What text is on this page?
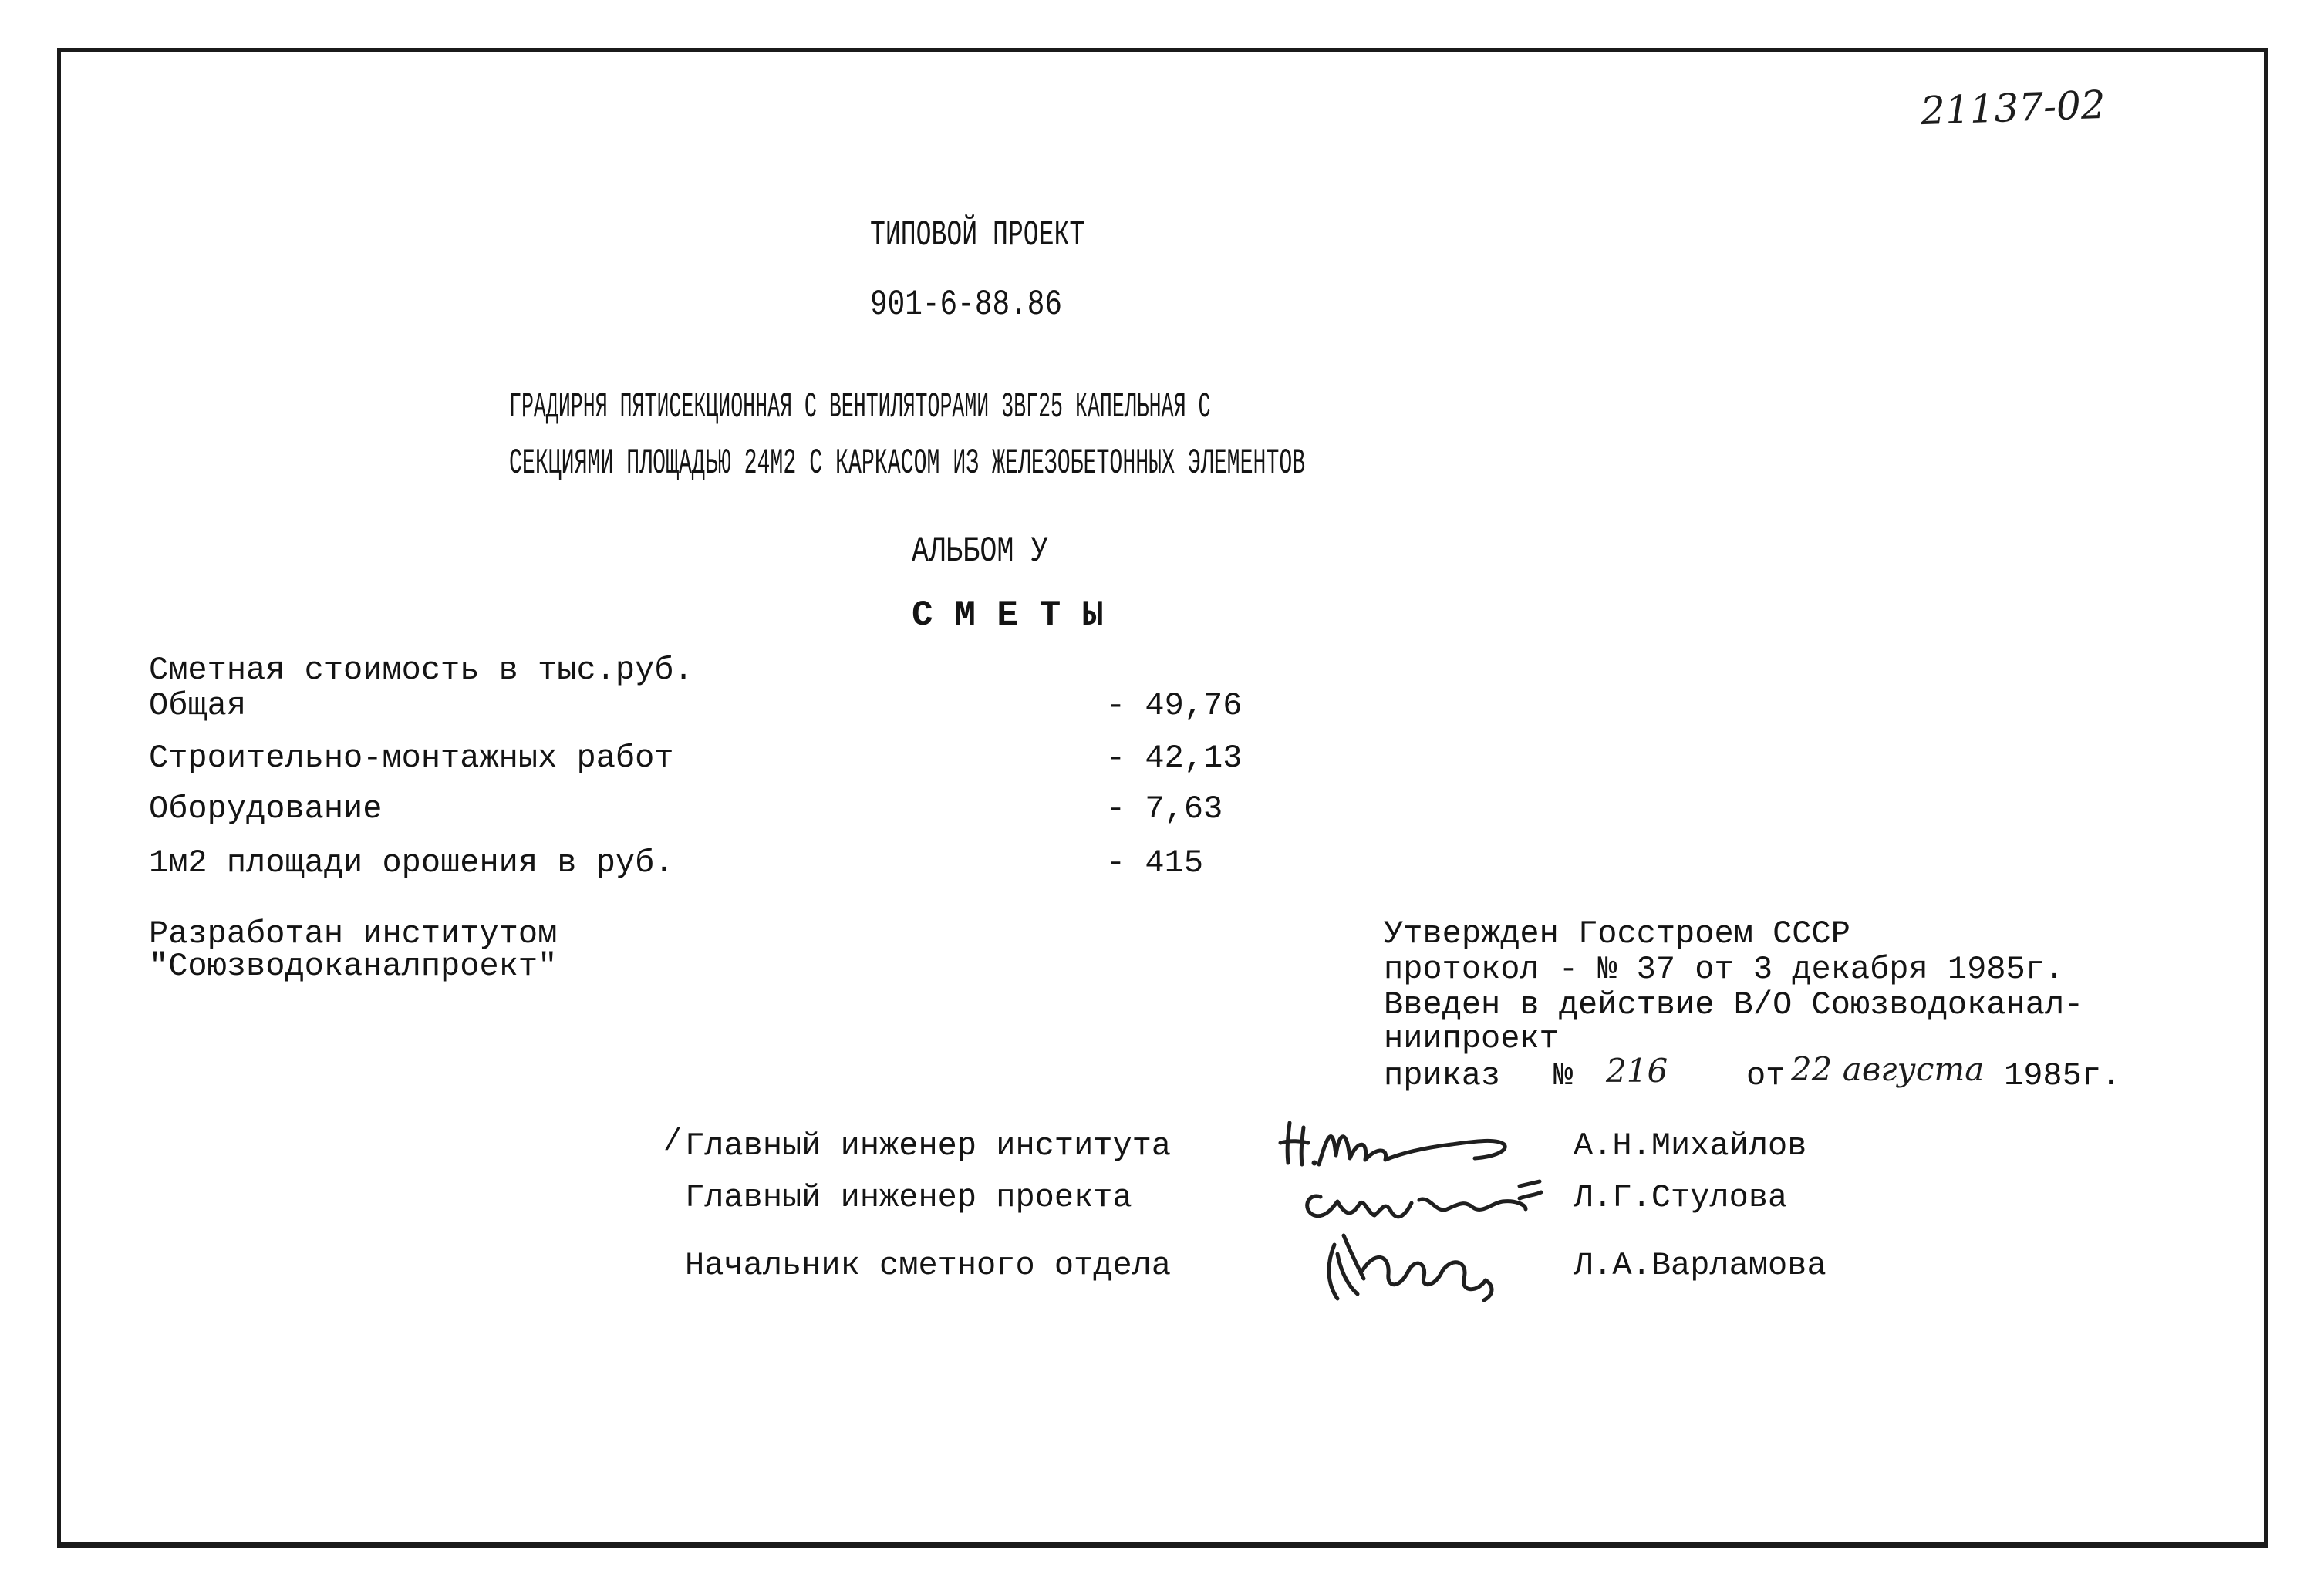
21137-02
ТИПОВОЙ ПРОЕКТ
901-6-88.86
ГРАДИРНЯ ПЯТИСЕКЦИОННАЯ С ВЕНТИЛЯТОРАМИ 3ВГ25 КАПЕЛЬНАЯ С
СЕКЦИЯМИ ПЛОЩАДЬЮ 24М2 С КАРКАСОМ ИЗ ЖЕЛЕЗОБЕТОННЫХ ЭЛЕМЕНТОВ
АЛЬБОМ У
С М Е Т Ы
Сметная стоимость в тыс.руб.
Общая	- 49,76
Строительно-монтажных работ	- 42,13
Оборудование	- 7,63
1м2 площади орошения в руб.	- 415
Разработан институтом
"Союзводоканалпроект"
Утвержден Госстроем СССР
протокол - № 37 от 3 декабря 1985г.
Введен в действие В/О Союзводоканал-
ниипроект
приказ № 216 от 22 августа 1985г.
/ Главный инженер института	А.Н.Михайлов
Главный инженер проекта	Л.Г.Стулова
Начальник сметного отдела	Л.А.Варламова
